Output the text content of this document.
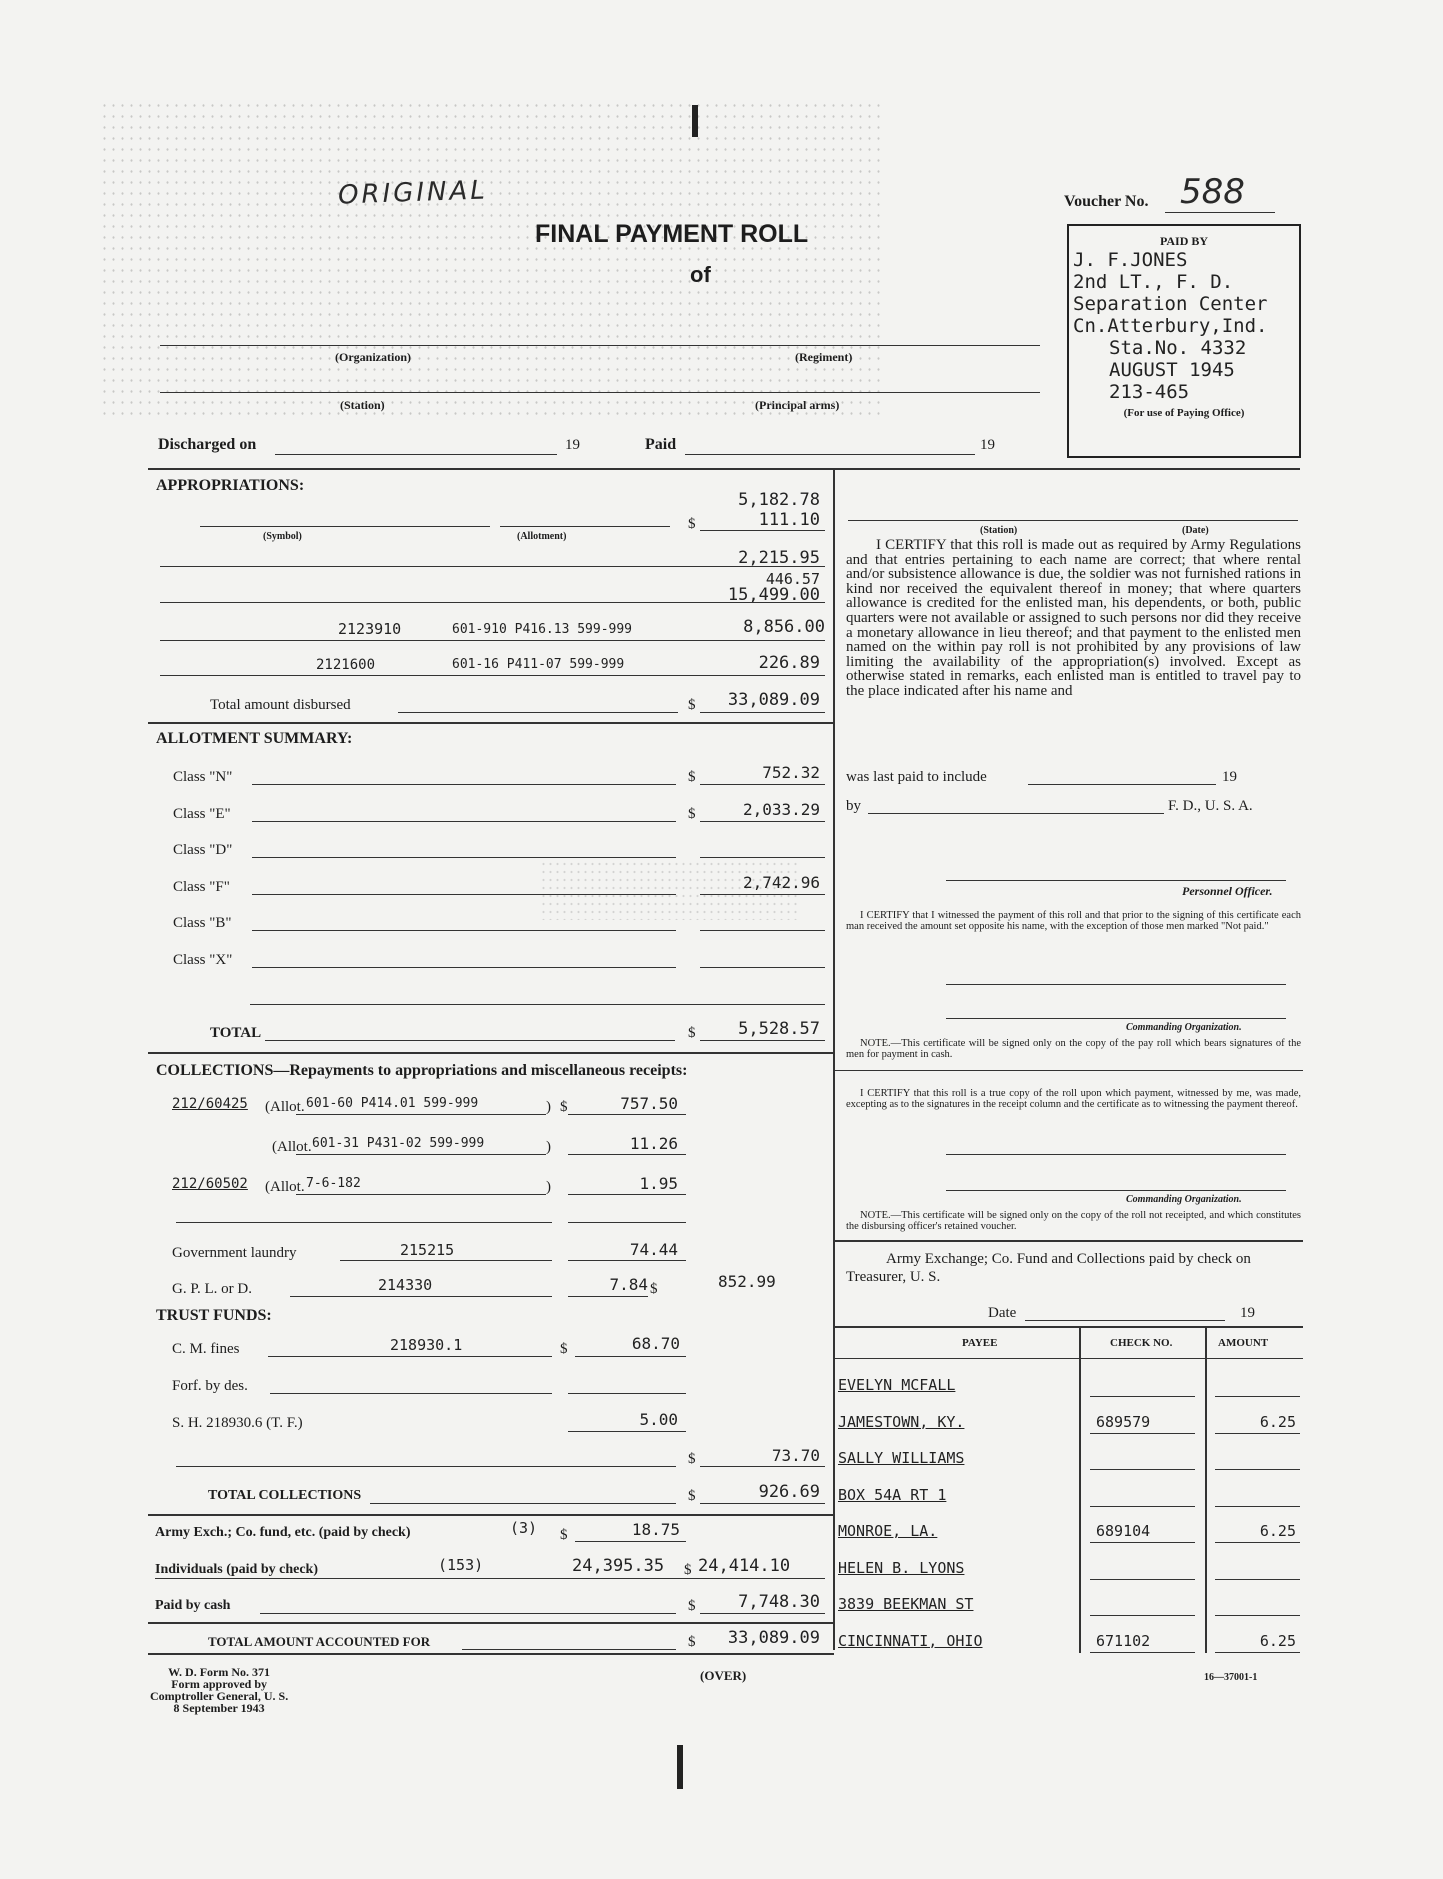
ORIGINAL
FINAL PAYMENT ROLL
of
Voucher No. 588
PAID BY
J. F.JONES
2nd LT., F. D.
Separation Center
Cn.Atterbury,Ind.
Sta.No. 4332
AUGUST 1945
213-465
(For use of Paying Office)
(Organization)	(Regiment)
(Station)	(Principal arms)
Discharged on	19	Paid	19
APPROPRIATIONS:
5,182.78
$	111.10
(Symbol)	(Allotment)
2,215.95
446.57
15,499.00
2123910	601-910 P416.13 599-999	8,856.00
2121600	601-16 P411-07 599-999	226.89
Total amount disbursed	$	33,089.09
ALLOTMENT SUMMARY:
Class "N"	$	752.32
Class "E"	$	2,033.29
Class "D"
Class "F"	2,742.96
Class "B"
Class "X"
TOTAL	$	5,528.57
COLLECTIONS—Repayments to appropriations and miscellaneous receipts:
212/60425 (Allot. 601-60 P414.01 599-999	) $	757.50
(Allot. 601-31 P431-02 599-999	)	11.26
212/60502 (Allot. 7-6-182	)	1.95
Government laundry	215215	74.44
G. P. L. or D.	214330	7.84 $	852.99
TRUST FUNDS:
C. M. fines	218930.1	$	68.70
Forf. by des.
S. H. 218930.6 (T. F.)	5.00
$	73.70
TOTAL COLLECTIONS	$	926.69
Army Exch.; Co. fund, etc. (paid by check)	(3) $	18.75
Individuals (paid by check)	(153)	24,395.35 $ 24,414.10
Paid by cash	$	7,748.30
TOTAL AMOUNT ACCOUNTED FOR	$	33,089.09
(Station)	(Date)
I CERTIFY that this roll is made out as required by Army Regulations and that entries pertaining to each name are correct; that where rental and/or subsistence allowance is due, the soldier was not furnished rations in kind nor received the equivalent thereof in money; that where quarters allowance is credited for the enlisted man, his dependents, or both, public quarters were not available or assigned to such persons nor did they receive a monetary allowance in lieu thereof; and that payment to the enlisted men named on the within pay roll is not prohibited by any provisions of law limiting the availability of the appropriation(s) involved. Except as otherwise stated in remarks, each enlisted man is entitled to travel pay to the place indicated after his name and
was last paid to include	19
by	F. D., U. S. A.
Personnel Officer.
I CERTIFY that I witnessed the payment of this roll and that prior to the signing of this certificate each man received the amount set opposite his name, with the exception of those men marked "Not paid."
Commanding Organization.
NOTE.—This certificate will be signed only on the copy of the pay roll which bears signatures of the men for payment in cash.
I CERTIFY that this roll is a true copy of the roll upon which payment, witnessed by me, was made, excepting as to the signatures in the receipt column and the certificate as to witnessing the payment thereof.
Commanding Organization.
NOTE.—This certificate will be signed only on the copy of the roll not receipted, and which constitutes the disbursing officer's retained voucher.
Army Exchange; Co. Fund and Collections paid by check on Treasurer, U. S.
Date	19
PAYEE	CHECK NO.	AMOUNT
EVELYN MCFALL
JAMESTOWN, KY.	689579	6.25
SALLY WILLIAMS
BOX 54A RT 1
MONROE, LA.	689104	6.25
HELEN B. LYONS
3839 BEEKMAN ST
CINCINNATI, OHIO	671102	6.25
W. D. Form No. 371
Form approved by
Comptroller General, U. S.
8 September 1943
(OVER)	16—37001-1
